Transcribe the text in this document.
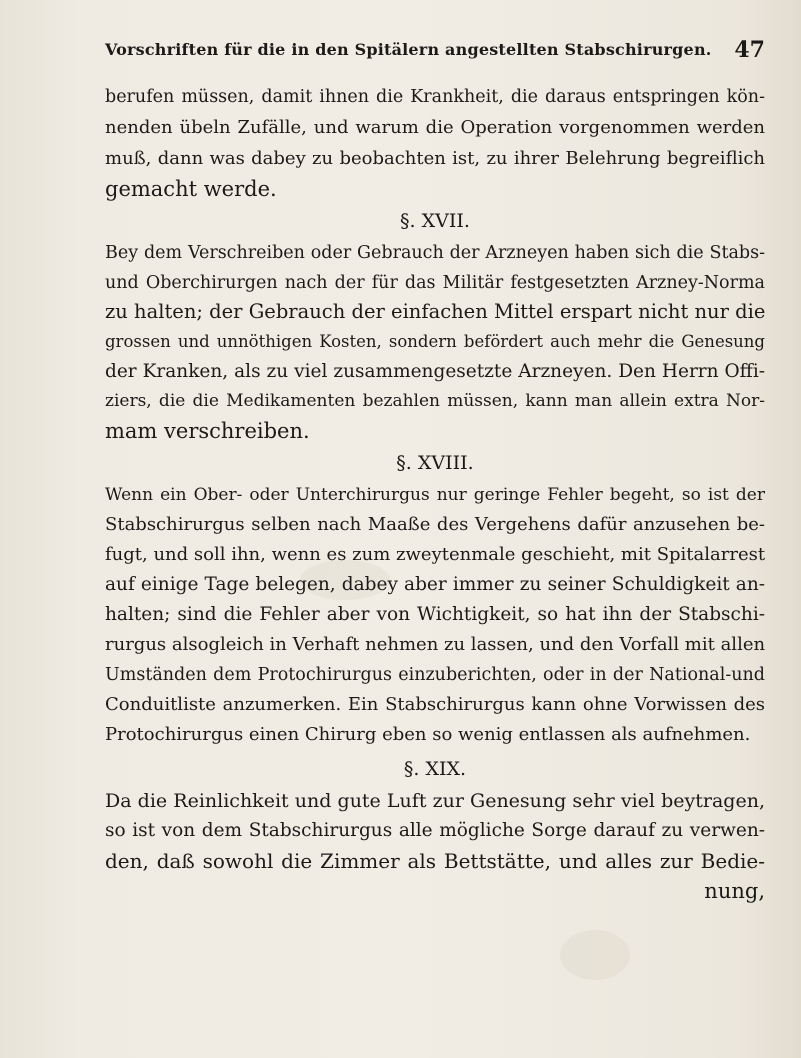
Vorschriften für die in den Spitälern angestellten Stabschirurgen. 47
berufen müssen, damit ihnen die Krankheit, die daraus entspringen kön-
nenden übeln Zufälle, und warum die Operation vorgenommen werden
muß, dann was dabey zu beobachten ist, zu ihrer Belehrung begreiflich
gemacht werde.
§. XVII.
Bey dem Verschreiben oder Gebrauch der Arzneyen haben sich die Stabs-
und Oberchirurgen nach der für das Militär festgesetzten Arzney-Norma
zu halten; der Gebrauch der einfachen Mittel erspart nicht nur die
grossen und unnöthigen Kosten, sondern befördert auch mehr die Genesung
der Kranken, als zu viel zusammengesetzte Arzneyen. Den Herrn Offi-
ziers, die die Medikamenten bezahlen müssen, kann man allein extra Nor-
mam verschreiben.
§. XVIII.
Wenn ein Ober- oder Unterchirurgus nur geringe Fehler begeht, so ist der
Stabschirurgus selben nach Maaße des Vergehens dafür anzusehen be-
fugt, und soll ihn, wenn es zum zweytenmale geschieht, mit Spitalarrest
auf einige Tage belegen, dabey aber immer zu seiner Schuldigkeit an-
halten; sind die Fehler aber von Wichtigkeit, so hat ihn der Stabschi-
rurgus alsogleich in Verhaft nehmen zu lassen, und den Vorfall mit allen
Umständen dem Protochirurgus einzuberichten, oder in der National-und
Conduitliste anzumerken. Ein Stabschirurgus kann ohne Vorwissen des
Protochirurgus einen Chirurg eben so wenig entlassen als aufnehmen.
§. XIX.
Da die Reinlichkeit und gute Luft zur Genesung sehr viel beytragen,
so ist von dem Stabschirurgus alle mögliche Sorge darauf zu verwen-
den, daß sowohl die Zimmer als Bettstätte, und alles zur Bedie-
nung,
